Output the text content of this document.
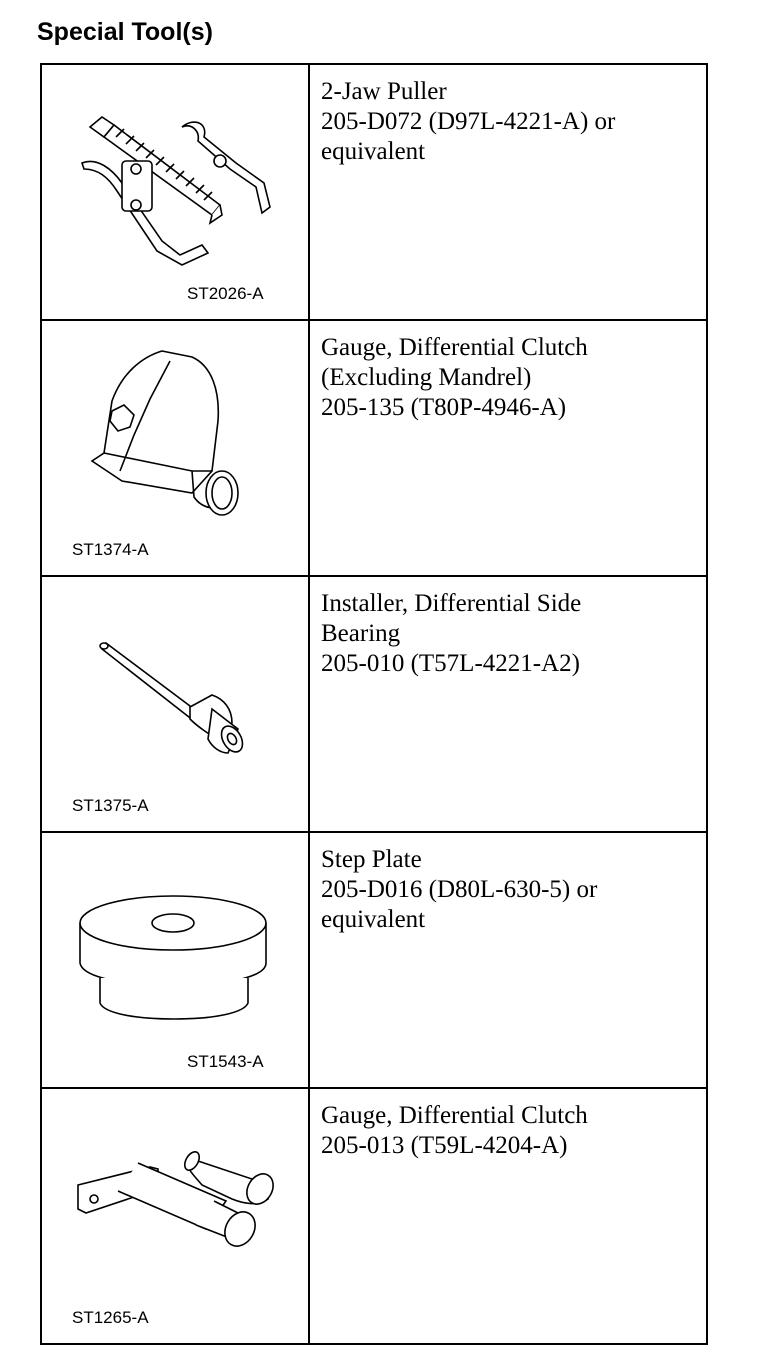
Special Tool(s)
ST2026-A	2-Jaw Puller
205-D072 (D97L-4221-A) or
equivalent

ST1374-A	Gauge, Differential Clutch
(Excluding Mandrel)
205-135 (T80P-4946-A)

ST1375-A	Installer, Differential Side
Bearing
205-010 (T57L-4221-A2)

ST1543-A	Step Plate
205-D016 (D80L-630-5) or
equivalent

ST1265-A	Gauge, Differential Clutch
205-013 (T59L-4204-A)
